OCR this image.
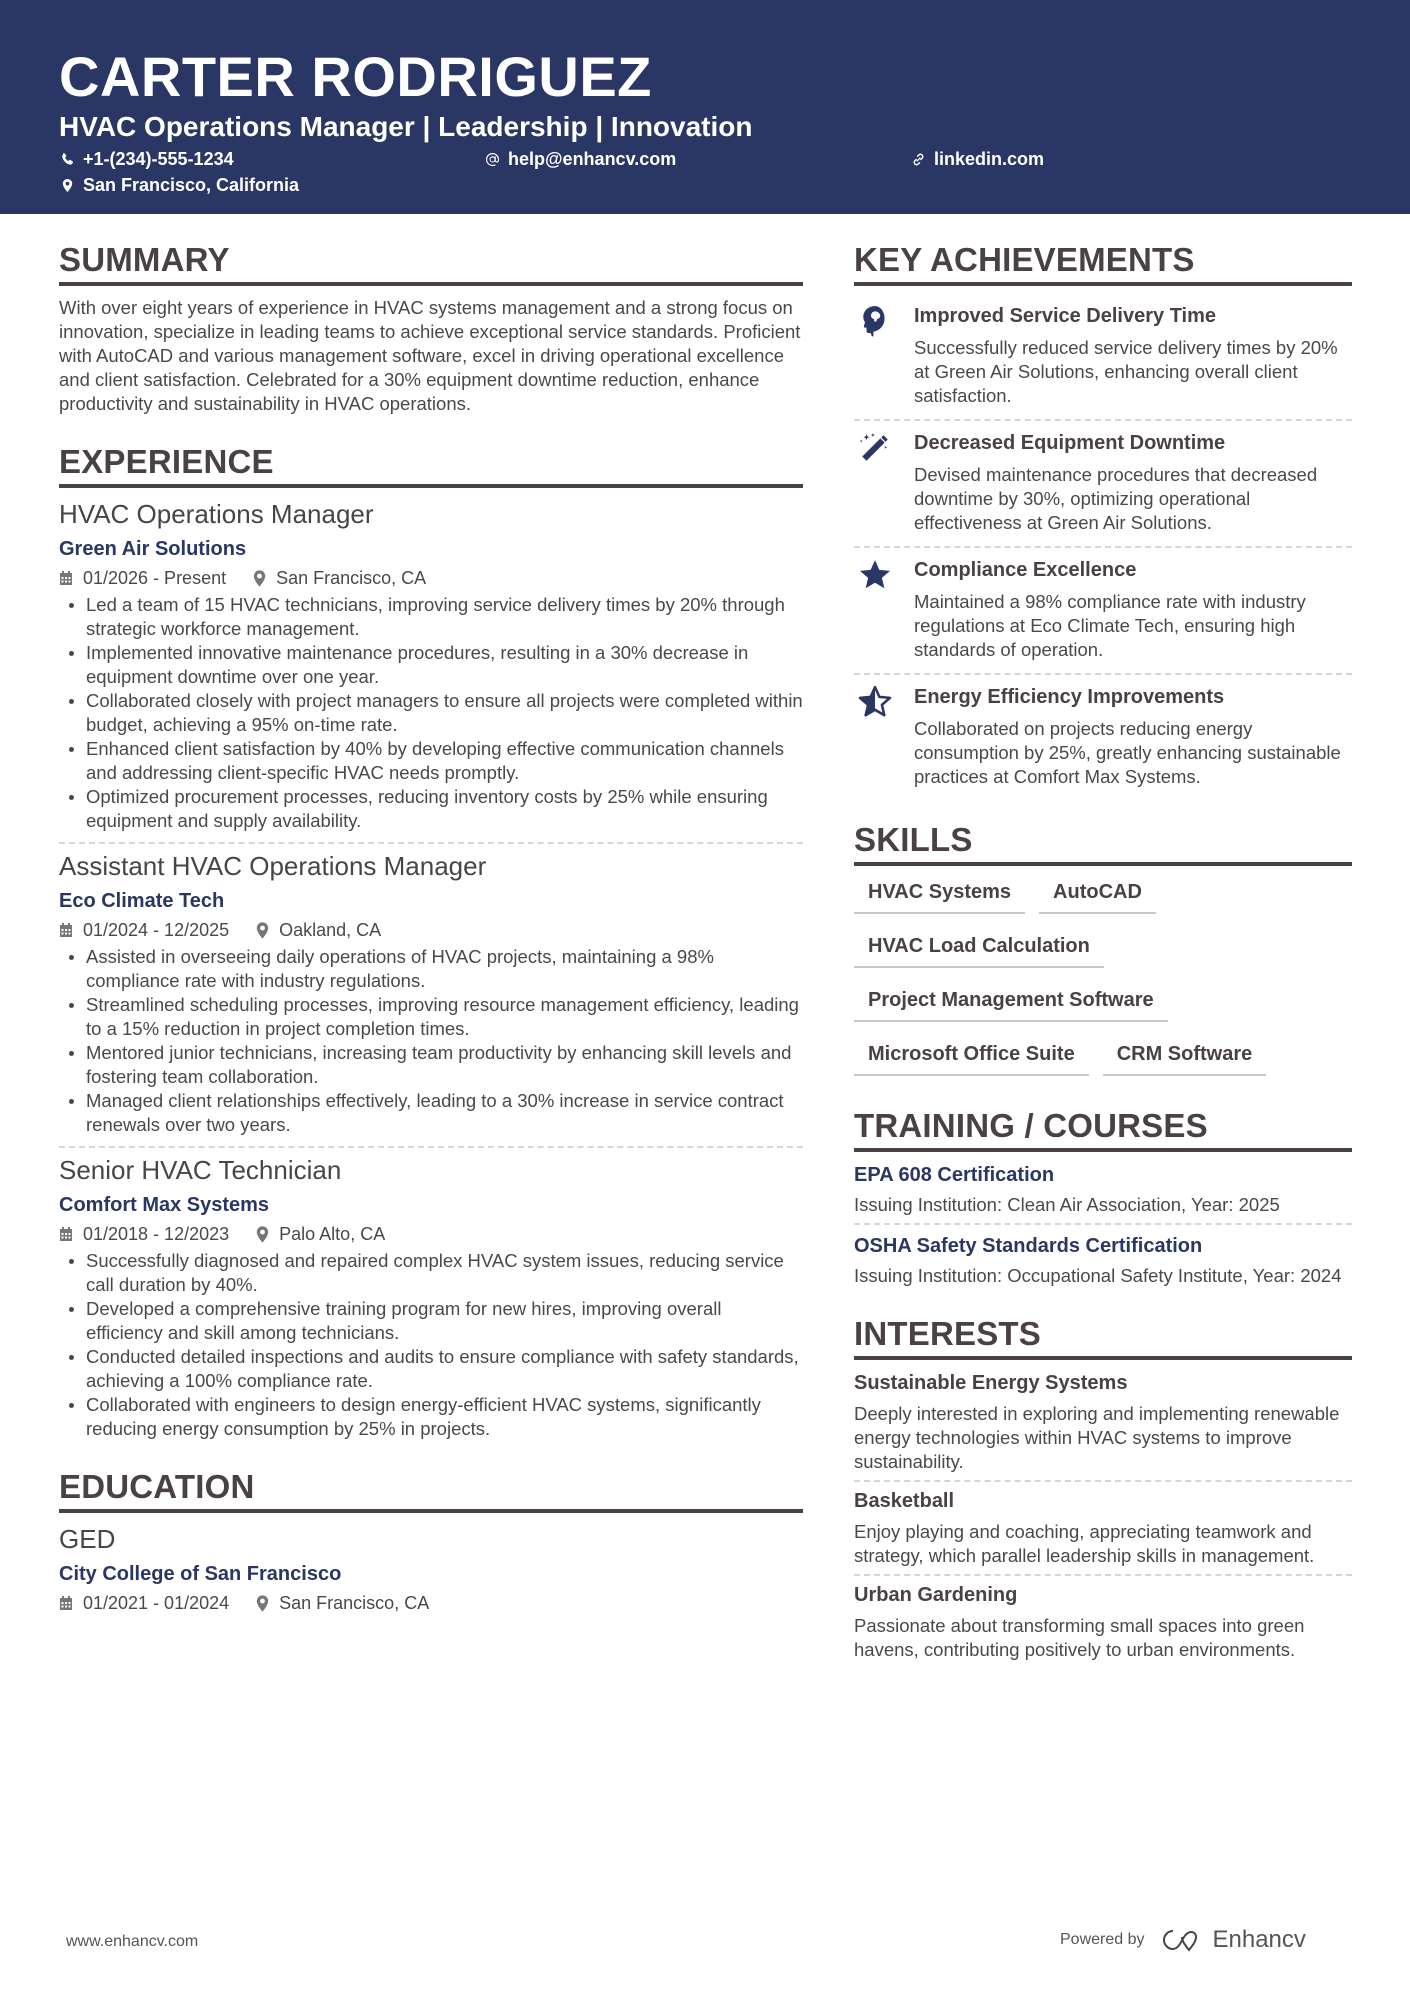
CARTER RODRIGUEZ
HVAC Operations Manager | Leadership | Innovation
+1-(234)-555-1234	help@enhancv.com	linkedin.com
San Francisco, California
SUMMARY

With over eight years of experience in HVAC systems management and a strong focus on innovation, specialize in leading teams to achieve exceptional service standards. Proficient with AutoCAD and various management software, excel in driving operational excellence and client satisfaction. Celebrated for a 30% equipment downtime reduction, enhance productivity and sustainability in HVAC operations.

EXPERIENCE
HVAC Operations Manager
Green Air Solutions
01/2026 - Present	San Francisco, CA
Led a team of 15 HVAC technicians, improving service delivery times by 20% through strategic workforce management.
Implemented innovative maintenance procedures, resulting in a 30% decrease in equipment downtime over one year.
Collaborated closely with project managers to ensure all projects were completed within budget, achieving a 95% on-time rate.
Enhanced client satisfaction by 40% by developing effective communication channels and addressing client-specific HVAC needs promptly.
Optimized procurement processes, reducing inventory costs by 25% while ensuring equipment and supply availability.
Assistant HVAC Operations Manager
Eco Climate Tech
01/2024 - 12/2025	Oakland, CA
Assisted in overseeing daily operations of HVAC projects, maintaining a 98% compliance rate with industry regulations.
Streamlined scheduling processes, improving resource management efficiency, leading to a 15% reduction in project completion times.
Mentored junior technicians, increasing team productivity by enhancing skill levels and fostering team collaboration.
Managed client relationships effectively, leading to a 30% increase in service contract renewals over two years.
Senior HVAC Technician
Comfort Max Systems
01/2018 - 12/2023	Palo Alto, CA
Successfully diagnosed and repaired complex HVAC system issues, reducing service call duration by 40%.
Developed a comprehensive training program for new hires, improving overall efficiency and skill among technicians.
Conducted detailed inspections and audits to ensure compliance with safety standards, achieving a 100% compliance rate.
Collaborated with engineers to design energy-efficient HVAC systems, significantly reducing energy consumption by 25% in projects.
EDUCATION
GED
City College of San Francisco
01/2021 - 01/2024	San Francisco, CA
KEY ACHIEVEMENTS
Improved Service Delivery Time
Successfully reduced service delivery times by 20% at Green Air Solutions, enhancing overall client satisfaction.
Decreased Equipment Downtime
Devised maintenance procedures that decreased downtime by 30%, optimizing operational effectiveness at Green Air Solutions.
Compliance Excellence
Maintained a 98% compliance rate with industry regulations at Eco Climate Tech, ensuring high standards of operation.
Energy Efficiency Improvements
Collaborated on projects reducing energy consumption by 25%, greatly enhancing sustainable practices at Comfort Max Systems.
SKILLS
HVAC Systems	AutoCAD
HVAC Load Calculation
Project Management Software
Microsoft Office Suite	CRM Software
TRAINING / COURSES
EPA 608 Certification
Issuing Institution: Clean Air Association, Year: 2025
OSHA Safety Standards Certification
Issuing Institution: Occupational Safety Institute, Year: 2024
INTERESTS
Sustainable Energy Systems
Deeply interested in exploring and implementing renewable energy technologies within HVAC systems to improve sustainability.
Basketball
Enjoy playing and coaching, appreciating teamwork and strategy, which parallel leadership skills in management.
Urban Gardening
Passionate about transforming small spaces into green havens, contributing positively to urban environments.
www.enhancv.com	Powered by	Enhancv
